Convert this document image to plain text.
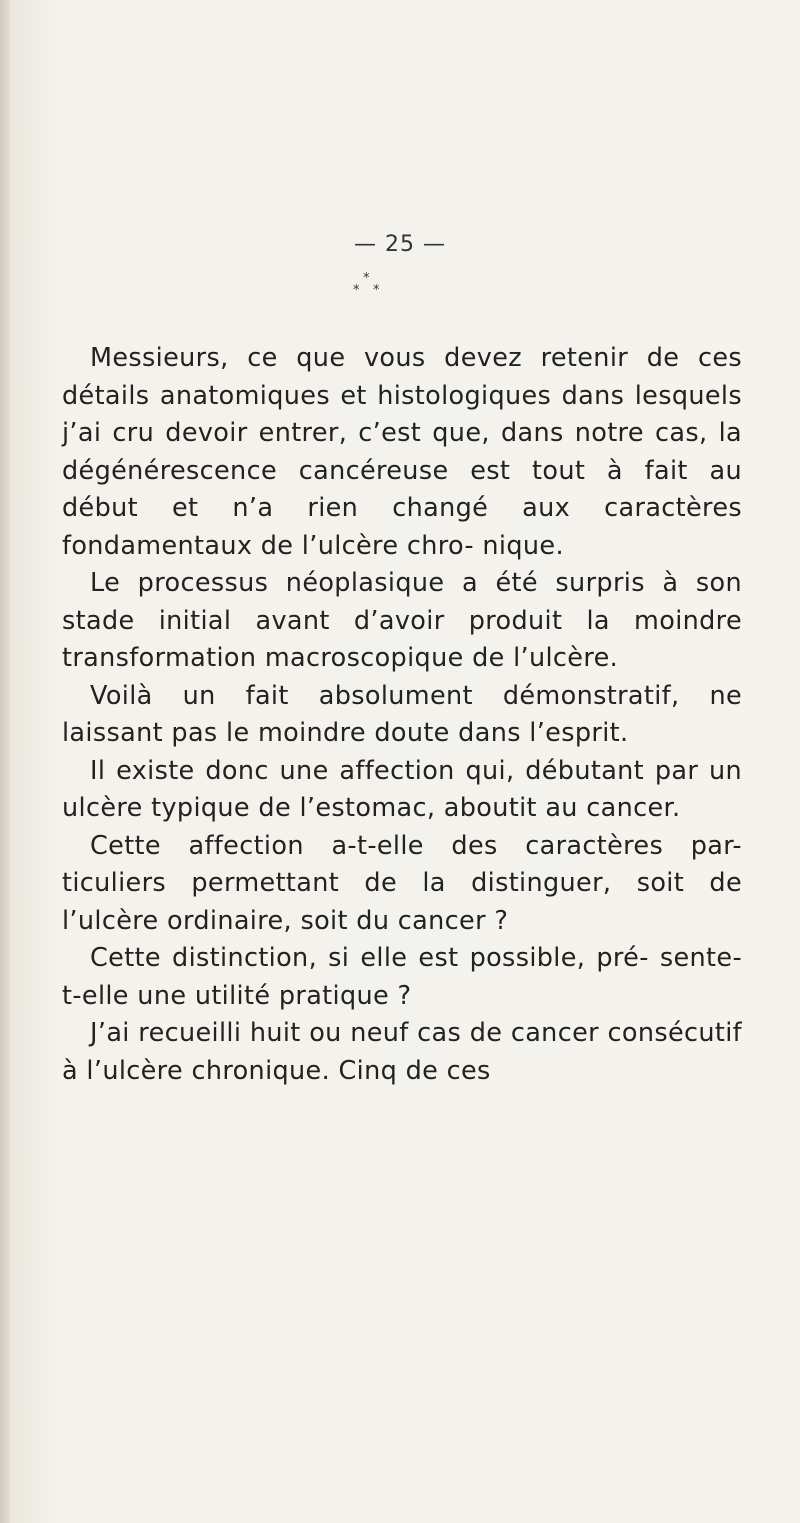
— 25 —
*
* *

Messieurs, ce que vous devez retenir de ces détails anatomiques et histologiques dans lesquels j’ai cru devoir entrer, c’est que, dans notre cas, la dégénérescence cancéreuse est tout à fait au début et n’a rien changé aux caractères fondamentaux de l’ulcère chro- nique.

Le processus néoplasique a été surpris à son stade initial avant d’avoir produit la moindre transformation macroscopique de l’ulcère.

Voilà un fait absolument démonstratif, ne laissant pas le moindre doute dans l’esprit.

Il existe donc une affection qui, débutant par un ulcère typique de l’estomac, aboutit au cancer.

Cette affection a-t-elle des caractères par- ticuliers permettant de la distinguer, soit de l’ulcère ordinaire, soit du cancer ?

Cette distinction, si elle est possible, pré- sente-t-elle une utilité pratique ?

J’ai recueilli huit ou neuf cas de cancer consécutif à l’ulcère chronique. Cinq de ces
